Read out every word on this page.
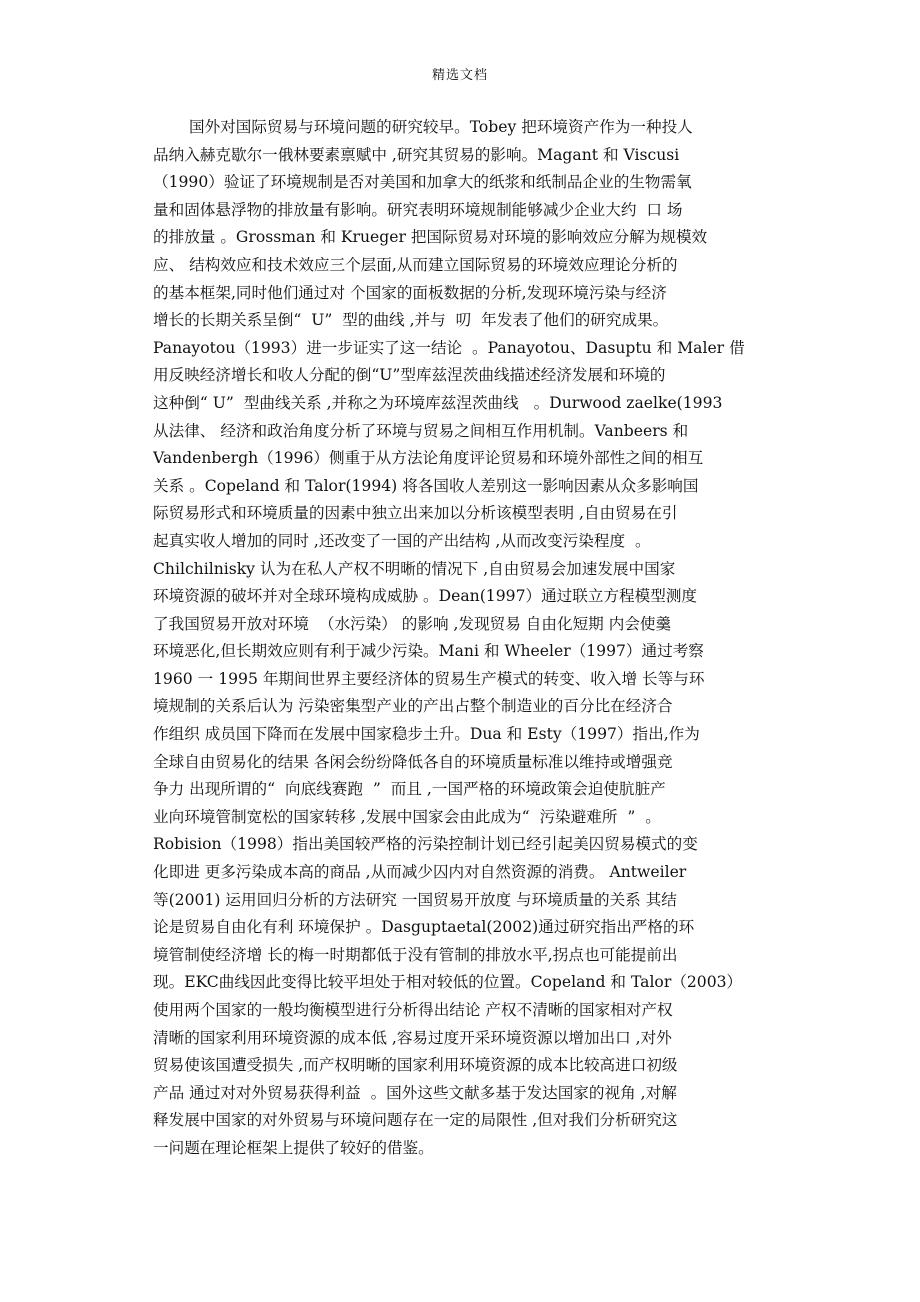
精选文档
国外对国际贸易与环境问题的研究较早。Tobey 把环境资产作为一种投人
品纳入赫克歇尔一俄林要素禀赋中 ,研究其贸易的影响。Magant 和 Viscusi
（1990）验证了环境规制是否对美国和加拿大的纸浆和纸制品企业的生物需氧
量和固体悬浮物的排放量有影响。研究表明环境规制能够减少企业大约  口 场
的排放量 。Grossman 和 Krueger 把国际贸易对环境的影响效应分解为规模效
应、 结构效应和技术效应三个层面,从而建立国际贸易的环境效应理论分析的
的基本框架,同时他们通过对 个国家的面板数据的分析,发现环境污染与经济
增长的长期关系呈倒“  U”  型的曲线 ,并与  叨  年发表了他们的研究成果。
Panayotou（1993）进一步证实了这一结论  。Panayotou、Dasuptu 和 Maler 借
用反映经济增长和收人分配的倒“U”型库兹涅茨曲线描述经济发展和环境的
这种倒“ U”  型曲线关系 ,并称之为环境库兹涅茨曲线   。Durwood zaelke(1993
从法律、 经济和政治角度分析了环境与贸易之间相互作用机制。Vanbeers 和
Vandenbergh（1996）侧重于从方法论角度评论贸易和环境外部性之间的相互
关系 。Copeland 和 Talor(1994) 将各国收人差别这一影响因素从众多影响国
际贸易形式和环境质量的因素中独立出来加以分析该模型表明 ,自由贸易在引
起真实收人增加的同时 ,还改变了一国的产出结构 ,从而改变污染程度  。
Chilchilnisky 认为在私人产权不明晰的情况下 ,自由贸易会加速发展中国家
环境资源的破坏并对全球环境构成威胁 。Dean(1997）通过联立方程模型测度
了我国贸易开放对环境  （水污染） 的影响 ,发现贸易 自由化短期 内会使羹
环境恶化,但长期效应则有利于减少污染。Mani 和 Wheeler（1997）通过考察
1960 一 1995 年期间世界主要经济体的贸易生产模式的转变、收入增 长等与环
境规制的关系后认为 污染密集型产业的产出占整个制造业的百分比在经济合
作组织 成员国下降而在发展中国家稳步土升。Dua 和 Esty（1997）指出,作为
全球自由贸易化的结果 各闲会纷纷降低各自的环境质量标准以维持或增强竞
争力 出现所谓的“  向底线赛跑  ”  而且 ,一国严格的环境政策会迫使肮脏产
业向环境管制宽松的国家转移 ,发展中国家会由此成为“  污染避难所  ”  。
Robision（1998）指出美国较严格的污染控制计划已经引起美囚贸易模式的变
化即进 更多污染成本高的商品 ,从而减少囚内对自然资源的消费。 Antweiler
等(2001) 运用回归分析的方法研究 一国贸易开放度 与环境质量的关系 其结
论是贸易自由化有利 环境保护 。Dasguptaetal(2002)通过研究指出严格的环
境管制使经济增 长的梅一时期都低于没有管制的排放水平,拐点也可能提前出
现。EKC曲线因此变得比较平坦处于相对较低的位置。Copeland 和 Talor（2003）
使用两个国家的一般均衡模型进行分析得出结论 产权不清晰的国家相对产权
清晰的国家利用环境资源的成本低 ,容易过度开采环境资源以增加出口 ,对外
贸易使该国遭受损失 ,而产权明晰的国家利用环境资源的成本比较高进口初级
产品 通过对对外贸易获得利益  。国外这些文献多基于发达国家的视角 ,对解
释发展中国家的对外贸易与环境问题存在一定的局限性 ,但对我们分析研究这
一问题在理论框架上提供了较好的借鉴。
